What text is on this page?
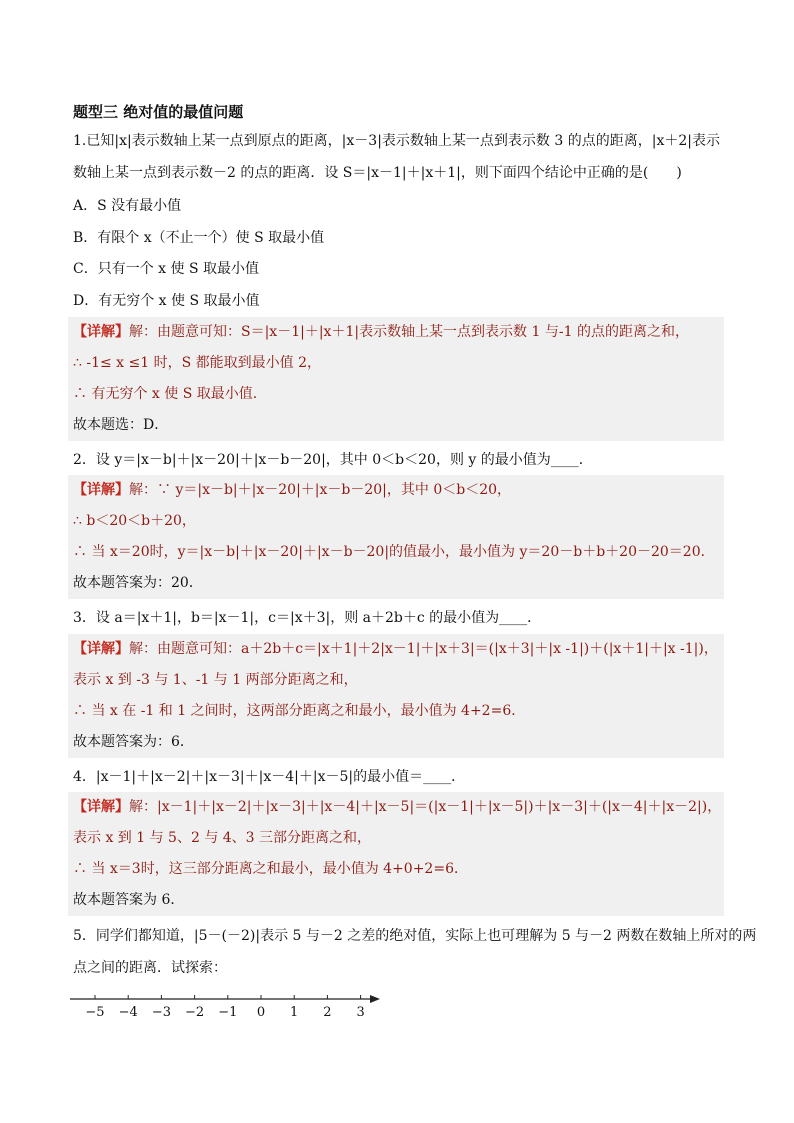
题型三 绝对值的最值问题
1.已知|x|表示数轴上某一点到原点的距离，|x－3|表示数轴上某一点到表示数 3 的点的距离，|x＋2|表示
数轴上某一点到表示数－2 的点的距离．设 S＝|x－1|＋|x＋1|，则下面四个结论中正确的是(　　)
A．S 没有最小值
B．有限个 x（不止一个）使 S 取最小值
C．只有一个 x 使 S 取最小值
D．有无穷个 x 使 S 取最小值
【详解】解：由题意可知：S＝|x－1|＋|x＋1|表示数轴上某一点到表示数 1 与-1 的点的距离之和，
∴ -1≤ x ≤1 时，S 都能取到最小值 2，
∴ 有无穷个 x 使 S 取最小值．
故本题选：D．
2．设 y＝|x－b|＋|x－20|＋|x－b－20|，其中 0＜b＜20，则 y 的最小值为____．
【详解】解：∵ y＝|x－b|＋|x－20|＋|x－b－20|，其中 0＜b＜20，
∴ b＜20＜b＋20，
∴ 当 x＝20时，y＝|x－b|＋|x－20|＋|x－b－20|的值最小，最小值为 y＝20－b＋b＋20－20＝20．
故本题答案为：20．
3．设 a＝|x＋1|，b＝|x－1|，c＝|x＋3|，则 a＋2b＋c 的最小值为____．
【详解】解：由题意可知：a＋2b＋c＝|x＋1|＋2|x－1|＋|x＋3|＝(|x＋3|＋|x -1|)＋(|x＋1|＋|x -1|)，
表示 x 到 -3 与 1、-1 与 1 两部分距离之和，
∴ 当 x 在 -1 和 1 之间时，这两部分距离之和最小，最小值为 4+2=6．
故本题答案为：6．
4．|x－1|＋|x－2|＋|x－3|＋|x－4|＋|x－5|的最小值＝____．
【详解】解：|x－1|＋|x－2|＋|x－3|＋|x－4|＋|x－5|＝(|x－1|＋|x－5|)＋|x－3|＋(|x－4|＋|x－2|)，
表示 x 到 1 与 5、2 与 4、3 三部分距离之和，
∴ 当 x＝3时，这三部分距离之和最小，最小值为 4+0+2=6．
故本题答案为 6．
5．同学们都知道，|5－(－2)|表示 5 与－2 之差的绝对值，实际上也可理解为 5 与－2 两数在数轴上所对的两
点之间的距离．试探索：
−5 −4 −3 −2 −1 0 1 2 3
